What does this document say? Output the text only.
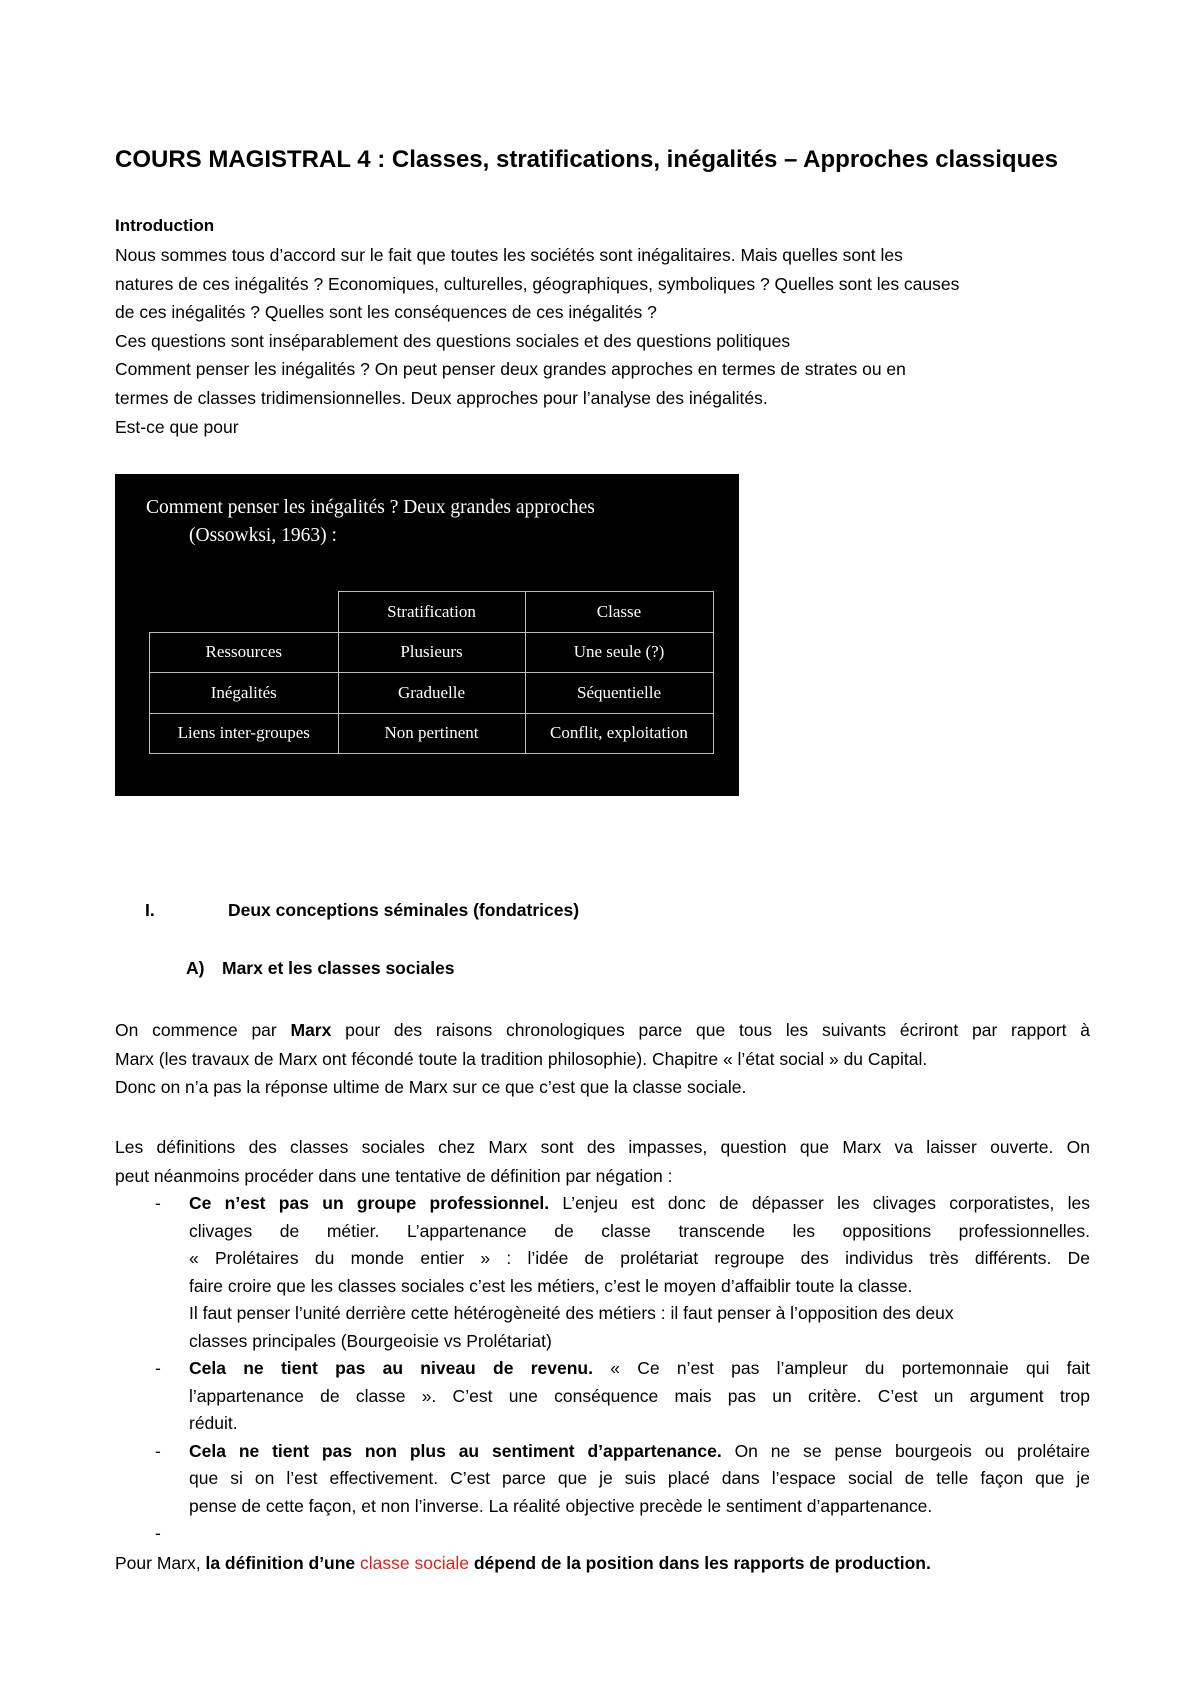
COURS MAGISTRAL 4 : Classes, stratifications, inégalités – Approches classiques
Introduction
Nous sommes tous d’accord sur le fait que toutes les sociétés sont inégalitaires. Mais quelles sont les
natures de ces inégalités ? Economiques, culturelles, géographiques, symboliques ? Quelles sont les causes
de ces inégalités ? Quelles sont les conséquences de ces inégalités ?
Ces questions sont inséparablement des questions sociales et des questions politiques
Comment penser les inégalités ? On peut penser deux grandes approches en termes de strates ou en
termes de classes tridimensionnelles. Deux approches pour l’analyse des inégalités.
Est-ce que pour
Comment penser les inégalités ? Deux grandes approches
(Ossowksi, 1963) :
	Stratification	Classe
Ressources	Plusieurs	Une seule (?)
Inégalités	Graduelle	Séquentielle
Liens inter-groupes	Non pertinent	Conflit, exploitation
I.	Deux conceptions séminales (fondatrices)
A) Marx et les classes sociales
On commence par Marx pour des raisons chronologiques parce que tous les suivants écriront par rapport à
Marx (les travaux de Marx ont fécondé toute la tradition philosophie). Chapitre « l’état social » du Capital.
Donc on n’a pas la réponse ultime de Marx sur ce que c’est que la classe sociale.
Les définitions des classes sociales chez Marx sont des impasses, question que Marx va laisser ouverte. On
peut néanmoins procéder dans une tentative de définition par négation :
- Ce n’est pas un groupe professionnel. L’enjeu est donc de dépasser les clivages corporatistes, les
clivages de métier. L’appartenance de classe transcende les oppositions professionnelles.
« Prolétaires du monde entier » : l’idée de prolétariat regroupe des individus très différents. De
faire croire que les classes sociales c’est les métiers, c’est le moyen d’affaiblir toute la classe.
Il faut penser l’unité derrière cette hétérogèneité des métiers : il faut penser à l’opposition des deux
classes principales (Bourgeoisie vs Prolétariat)
- Cela ne tient pas au niveau de revenu. « Ce n’est pas l’ampleur du portemonnaie qui fait
l’appartenance de classe ». C’est une conséquence mais pas un critère. C’est un argument trop
réduit.
- Cela ne tient pas non plus au sentiment d’appartenance. On ne se pense bourgeois ou prolétaire
que si on l’est effectivement. C’est parce que je suis placé dans l’espace social de telle façon que je
pense de cette façon, et non l’inverse. La réalité objective precède le sentiment d’appartenance.
-

Pour Marx, la définition d’une classe sociale dépend de la position dans les rapports de production.
